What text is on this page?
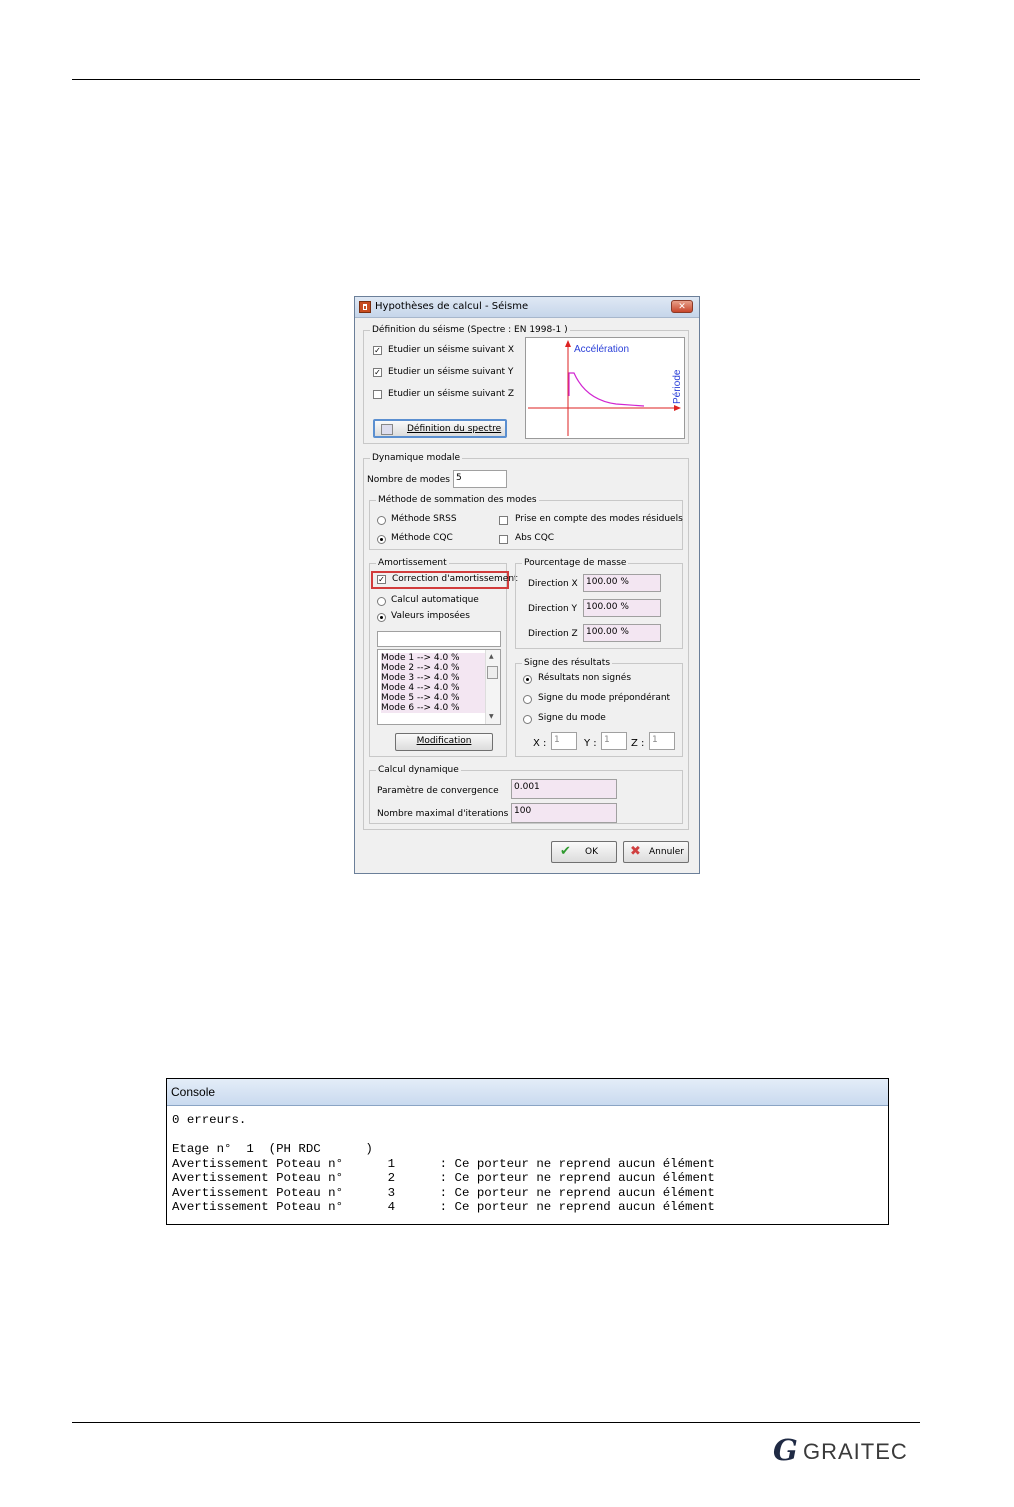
Hypothèses de calcul - Séisme	✕
Définition du séisme (Spectre : EN 1998-1 )
✓ Etudier un séisme suivant X
✓ Etudier un séisme suivant Y
Etudier un séisme suivant Z
Définition du spectre
Accélération
Période
Dynamique modale
Nombre de modes 5
Méthode de sommation des modes
Méthode SRSS	Prise en compte des modes résiduels
Méthode CQC	Abs CQC
Amortissement
✓ Correction d'amortissement
Calcul automatique
Valeurs imposées
Mode 1 --> 4.0 %
Mode 2 --> 4.0 %
Mode 3 --> 4.0 %
Mode 4 --> 4.0 %
Mode 5 --> 4.0 %
Mode 6 --> 4.0 %
▲
▼
Modification
Pourcentage de masse
Direction X 100.00 %
Direction Y 100.00 %
Direction Z 100.00 %
Signe des résultats
Résultats non signés
Signe du mode prépondérant
Signe du mode
X : 1	Y : 1	Z : 1
Calcul dynamique
Paramètre de convergence	0.001
Nombre maximal d'iterations 100
✔ OK ✖ Annuler
Console
0 erreurs.
Etage n°  1  (PH RDC      )
Avertissement Poteau n°      1      : Ce porteur ne reprend aucun élément
Avertissement Poteau n°      2      : Ce porteur ne reprend aucun élément
Avertissement Poteau n°      3      : Ce porteur ne reprend aucun élément
Avertissement Poteau n°      4      : Ce porteur ne reprend aucun élément
G GRAITEC
